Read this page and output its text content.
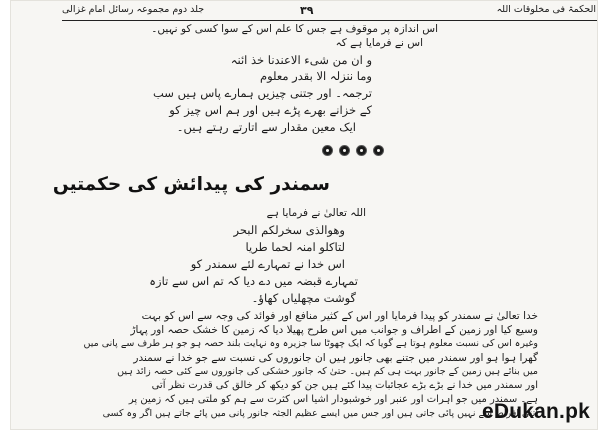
الحکمۃ فی مخلوقات اللہ
۳۹
جلد دوم مجموعہ رسائل امام غزالی
اس اندازہ پر موقوف ہے جس کا علم اس کے سوا کسی کو نہیں۔
اس نے فرمایا ہے کہ
و ان من شیء الاعندنا خذ ائنہ
وما ننزلہ الا بقدر معلوم
ترجمہ۔ اور جتنی چیزیں ہمارے پاس ہیں سب
کے خزانے بھرے پڑے ہیں اور ہم اس چیز کو
ایک معین مقدار سے اتارتے رہتے ہیں۔
سمندر کی پیدائش کی حکمتیں
اللہ تعالیٰ نے فرمایا ہے
وھوالذی سخرلکم البحر
لتاکلو امنہ لحما طریا
اس خدا نے تمہارے لئے سمندر کو
تمہارے قبضہ میں دے دیا کہ تم اس سے تازہ
گوشت مچھلیاں کھاؤ۔
خدا تعالیٰ نے سمندر کو پیدا فرمایا اور اس کے کثیر منافع اور فوائد کی وجہ سے اس کو بہت
وسیع کیا اور زمین کے اطراف و جوانب میں اس طرح پھیلا دیا کہ زمین کا خشک حصہ اور پہاڑ
وغیرہ اس کی نسبت معلوم ہوتا ہے گویا کہ ایک چھوٹا سا جزیرہ وہ نہایت بلند حصہ ہو جو ہر طرف سے پانی میں
گھرا ہوا ہو اور سمندر میں جتنے بھی جانور ہیں ان جانوروں کی نسبت سے جو خدا نے سمندر
میں بنائے ہیں زمین کے جانور بہت ہی کم ہیں۔ حتیٰ کہ جانور خشکی کی جانوروں سے کئی حصہ زائد ہیں
اور سمندر میں خدا نے بڑے بڑے عجائبات پیدا کئے ہیں جن کو دیکھ کر خالق کی قدرت نظر آتی
ہے۔ سمندر میں جو اہرات اور عنبر اور خوشبودار اشیا اس کثرت سے ہم کو ملتی ہیں کہ زمین پر
اتنی افراط سے نہیں پائی جاتی ہیں اور جس میں ایسے عظیم الجثہ جانور پانی میں پائے جاتے ہیں اگر وہ کسی
eDukan.pk
